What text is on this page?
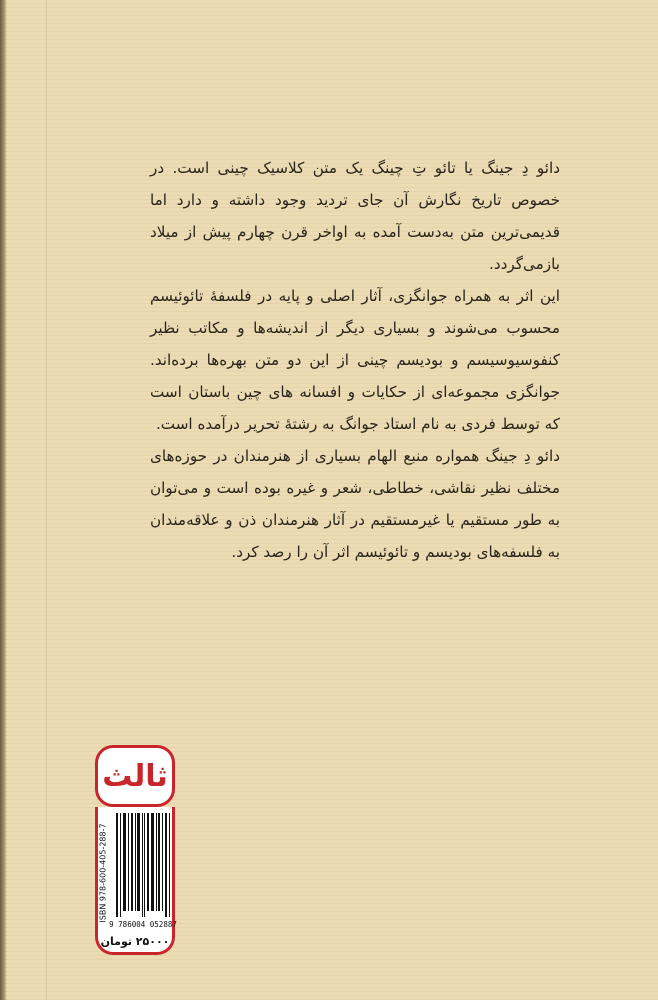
دائو دِ جینگ یا تائو تِ چینگ یک متن کلاسیک چینی است. در خصوص تاریخ نگارش آن جای تردید وجود داشته و دارد اما قدیمی‌ترین متن به‌دست آمده به اواخر قرن چهارم پیش از میلاد بازمی‌گردد.

این اثر به همراه جوانگزی، آثار اصلی و پایه در فلسفهٔ تائوئیسم محسوب می‌شوند و بسیاری دیگر از اندیشه‌ها و مکاتب نظیر کنفوسیوسیسم و بودیسم چینی از این دو متن بهره‌ها برده‌اند. جوانگزی مجموعه‌ای از حکایات و افسانه های چین باستان است که توسط فردی به نام استاد جوانگ به رشتهٔ تحریر درآمده است.

دائو دِ جینگ همواره منبع الهام بسیاری از هنرمندان در حوزه‌های مختلف نظیر نقاشی، خطاطی، شعر و غیره بوده است و می‌توان به طور مستقیم یا غیرمستقیم در آثار هنرمندان ذن و علاقه‌مندان به فلسفه‌های بودیسم و تائوئیسم اثر آن را رصد کرد.

ثالث
ISBN 978-600-405-288-7
9 786004 052887
۲۵۰۰۰ تومان
